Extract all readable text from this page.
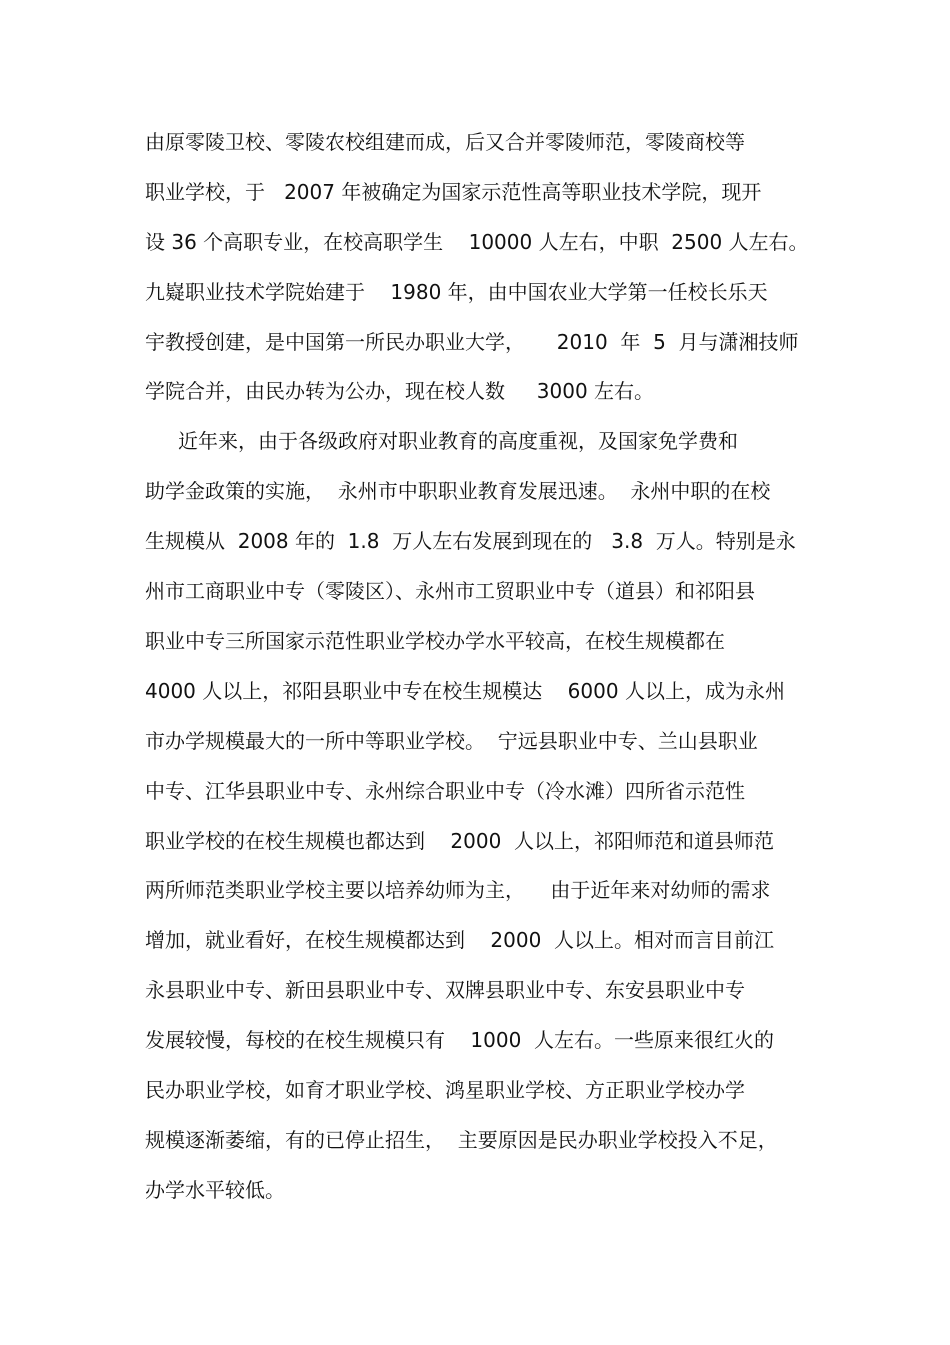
由原零陵卫校、零陵农校组建而成，后又合并零陵师范，零陵商校等
职业学校，于   2007 年被确定为国家示范性高等职业技术学院，现开
设 36 个高职专业，在校高职学生    10000 人左右，中职  2500 人左右。
九嶷职业技术学院始建于    1980 年，由中国农业大学第一任校长乐天
宇教授创建，是中国第一所民办职业大学，     2010  年  5  月与潇湘技师
学院合并，由民办转为公办，现在校人数     3000 左右。
近年来，由于各级政府对职业教育的高度重视，及国家免学费和
助学金政策的实施，  永州市中职职业教育发展迅速。  永州中职的在校
生规模从  2008 年的  1.8  万人左右发展到现在的   3.8  万人。特别是永
州市工商职业中专（零陵区）、永州市工贸职业中专（道县）和祁阳县
职业中专三所国家示范性职业学校办学水平较高，在校生规模都在
4000 人以上，祁阳县职业中专在校生规模达    6000 人以上，成为永州
市办学规模最大的一所中等职业学校。  宁远县职业中专、兰山县职业
中专、江华县职业中专、永州综合职业中专（冷水滩）四所省示范性
职业学校的在校生规模也都达到    2000  人以上，祁阳师范和道县师范
两所师范类职业学校主要以培养幼师为主，    由于近年来对幼师的需求
增加，就业看好，在校生规模都达到    2000  人以上。相对而言目前江
永县职业中专、新田县职业中专、双牌县职业中专、东安县职业中专
发展较慢，每校的在校生规模只有    1000  人左右。一些原来很红火的
民办职业学校，如育才职业学校、鸿星职业学校、方正职业学校办学
规模逐渐萎缩，有的已停止招生，  主要原因是民办职业学校投入不足，
办学水平较低。
